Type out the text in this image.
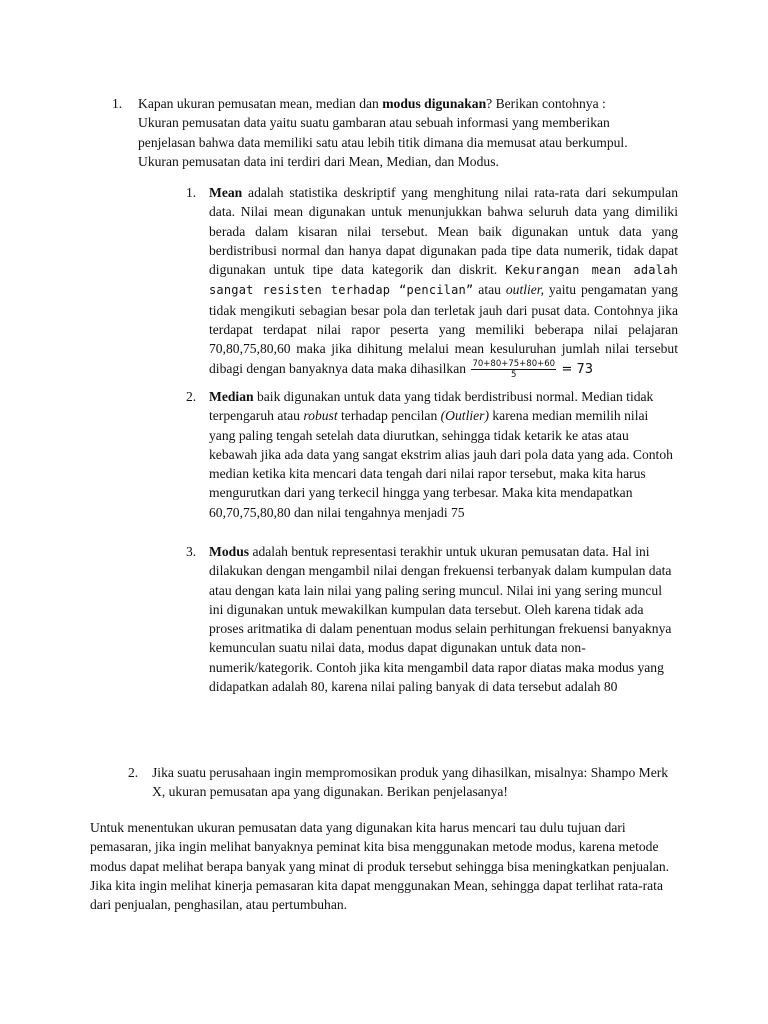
1. Kapan ukuran pemusatan mean, median dan modus digunakan? Berikan contohnya :
Ukuran pemusatan data yaitu suatu gambaran atau sebuah informasi yang memberikan penjelasan bahwa data memiliki satu atau lebih titik dimana dia memusat atau berkumpul. Ukuran pemusatan data ini terdiri dari Mean, Median, dan Modus.
1. Mean adalah statistika deskriptif yang menghitung nilai rata-rata dari sekumpulan data. Nilai mean digunakan untuk menunjukkan bahwa seluruh data yang dimiliki berada dalam kisaran nilai tersebut. Mean baik digunakan untuk data yang berdistribusi normal dan hanya dapat digunakan pada tipe data numerik, tidak dapat digunakan untuk tipe data kategorik dan diskrit. Kekurangan mean adalah sangat resisten terhadap “pencilan” atau outlier, yaitu pengamatan yang tidak mengikuti sebagian besar pola dan terletak jauh dari pusat data. Contohnya jika terdapat terdapat nilai rapor peserta yang memiliki beberapa nilai pelajaran 70,80,75,80,60 maka jika dihitung melalui mean kesuluruhan jumlah nilai tersebut dibagi dengan banyaknya data maka dihasilkan $\frac{70+80+75+80+60}{5} = 73$
2. Median baik digunakan untuk data yang tidak berdistribusi normal. Median tidak terpengaruh atau robust terhadap pencilan (Outlier) karena median memilih nilai yang paling tengah setelah data diurutkan, sehingga tidak ketarik ke atas atau kebawah jika ada data yang sangat ekstrim alias jauh dari pola data yang ada. Contoh median ketika kita mencari data tengah dari nilai rapor tersebut, maka kita harus mengurutkan dari yang terkecil hingga yang terbesar. Maka kita mendapatkan 60,70,75,80,80 dan nilai tengahnya menjadi 75
3. Modus adalah bentuk representasi terakhir untuk ukuran pemusatan data. Hal ini dilakukan dengan mengambil nilai dengan frekuensi terbanyak dalam kumpulan data atau dengan kata lain nilai yang paling sering muncul. Nilai ini yang sering muncul ini digunakan untuk mewakilkan kumpulan data tersebut. Oleh karena tidak ada proses aritmatika di dalam penentuan modus selain perhitungan frekuensi banyaknya kemunculan suatu nilai data, modus dapat digunakan untuk data non-numerik/kategorik. Contoh jika kita mengambil data rapor diatas maka modus yang didapatkan adalah 80, karena nilai paling banyak di data tersebut adalah 80
2. Jika suatu perusahaan ingin mempromosikan produk yang dihasilkan, misalnya: Shampo Merk X, ukuran pemusatan apa yang digunakan. Berikan penjelasanya!
Untuk menentukan ukuran pemusatan data yang digunakan kita harus mencari tau dulu tujuan dari pemasaran, jika ingin melihat banyaknya peminat kita bisa menggunakan metode modus, karena metode modus dapat melihat berapa banyak yang minat di produk tersebut sehingga bisa meningkatkan penjualan. Jika kita ingin melihat kinerja pemasaran kita dapat menggunakan Mean, sehingga dapat terlihat rata-rata dari penjualan, penghasilan, atau pertumbuhan.
